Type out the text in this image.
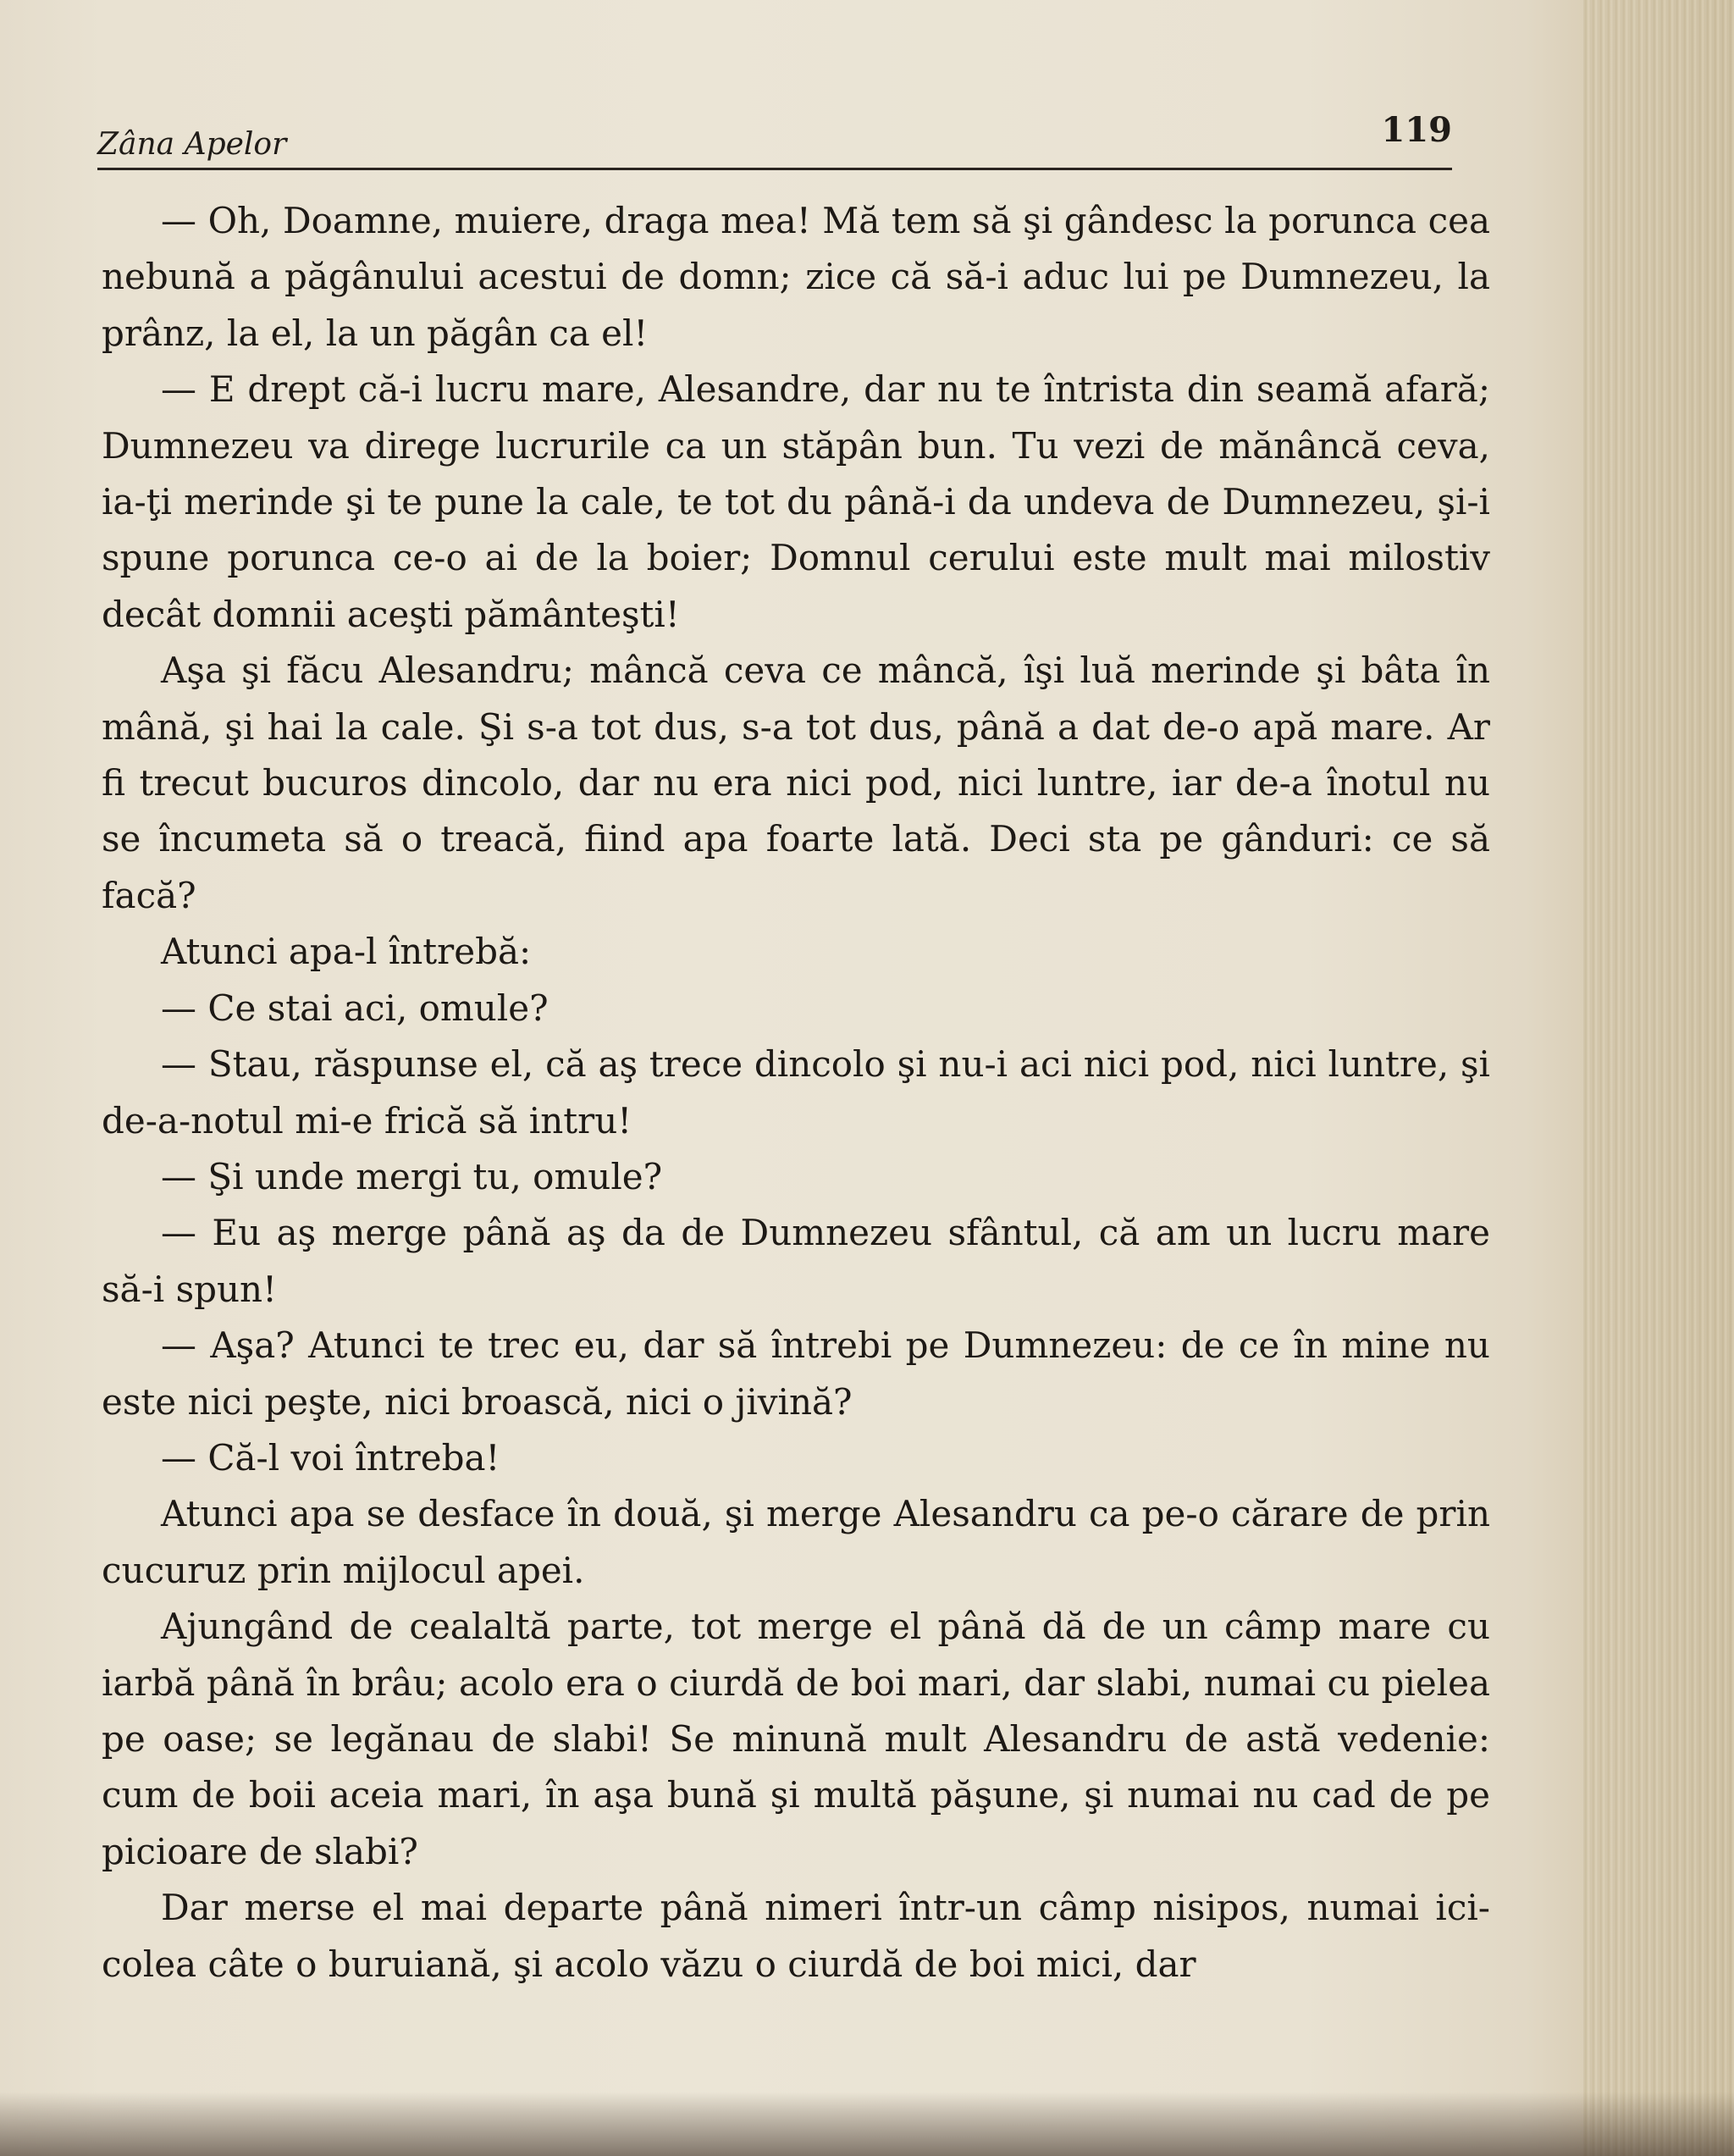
Zâna Apelor	119

— Oh, Doamne, muiere, draga mea! Mă tem să şi gândesc la porunca cea nebună a păgânului acestui de domn; zice că să-i aduc lui pe Dumnezeu, la prânz, la el, la un păgân ca el!

— E drept că-i lucru mare, Alesandre, dar nu te întrista din seamă afară; Dumnezeu va direge lucrurile ca un stăpân bun. Tu vezi de mănâncă ceva, ia-ţi merinde şi te pune la cale, te tot du până-i da undeva de Dumnezeu, şi-i spune porunca ce-o ai de la boier; Domnul cerului este mult mai milostiv decât domnii aceşti pământeşti!

Aşa şi făcu Alesandru; mâncă ceva ce mâncă, îşi luă merinde şi bâta în mână, şi hai la cale. Şi s-a tot dus, s-a tot dus, până a dat de-o apă mare. Ar fi trecut bucuros dincolo, dar nu era nici pod, nici luntre, iar de-a înotul nu se încumeta să o treacă, fiind apa foarte lată. Deci sta pe gânduri: ce să facă?

Atunci apa-l întrebă:

— Ce stai aci, omule?

— Stau, răspunse el, că aş trece dincolo şi nu-i aci nici pod, nici luntre, şi de-a-notul mi-e frică să intru!

— Şi unde mergi tu, omule?

— Eu aş merge până aş da de Dumnezeu sfântul, că am un lucru mare să-i spun!

— Aşa? Atunci te trec eu, dar să întrebi pe Dumnezeu: de ce în mine nu este nici peşte, nici broască, nici o jivină?

— Că-l voi întreba!

Atunci apa se desface în două, şi merge Alesandru ca pe-o cărare de prin cucuruz prin mijlocul apei.

Ajungând de cealaltă parte, tot merge el până dă de un câmp mare cu iarbă până în brâu; acolo era o ciurdă de boi mari, dar slabi, numai cu pielea pe oase; se legănau de slabi! Se minună mult Alesandru de astă vedenie: cum de boii aceia mari, în aşa bună şi multă păşune, şi numai nu cad de pe picioare de slabi?

Dar merse el mai departe până nimeri într-un câmp nisipos, numai ici-colea câte o buruiană, şi acolo văzu o ciurdă de boi mici, dar
